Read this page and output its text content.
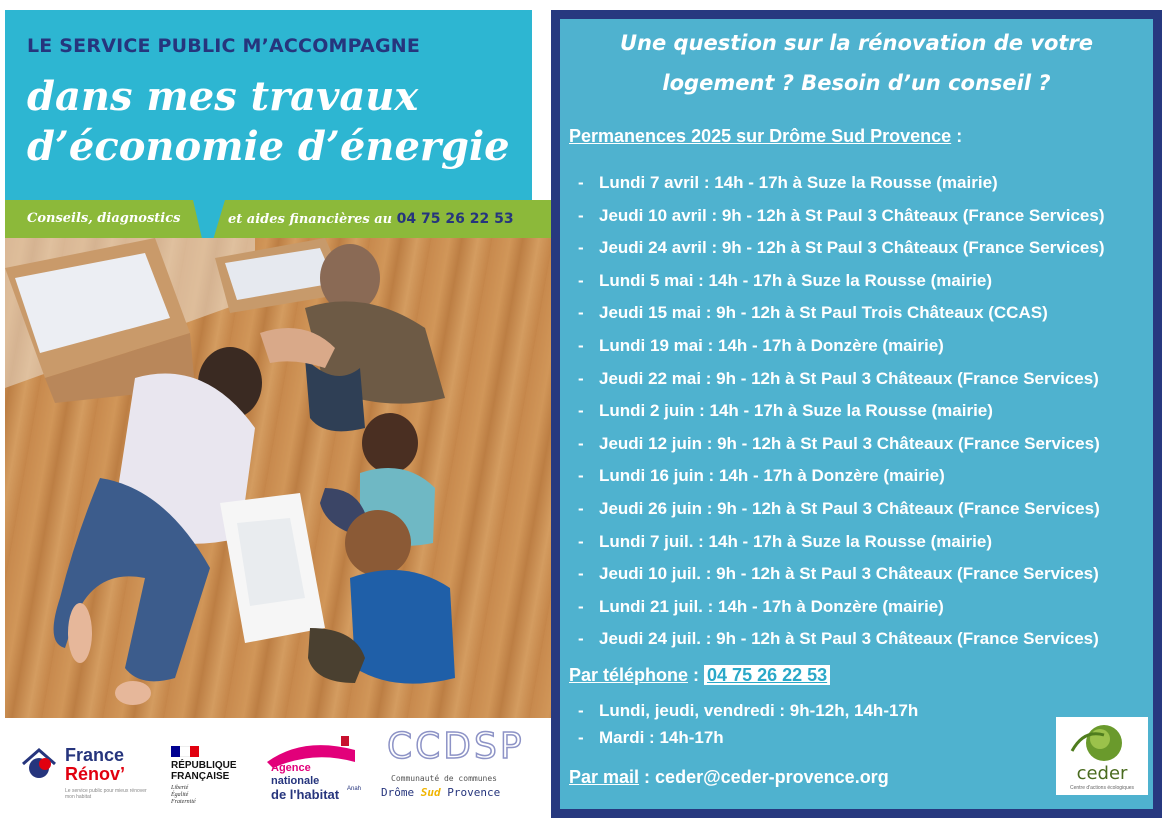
LE SERVICE PUBLIC M’ACCOMPAGNE
dans mes travaux
d’économie d’énergie
Conseils, diagnostics	et aides financières au 04 75 26 22 53
France
Rénov’
Le service public pour mieux rénover mon habitat
RÉPUBLIQUE
FRANÇAISE
Liberté
Égalité
Fraternité
Agence
nationale
de l'habitat Anah
CCDSP
Communauté de communes
Drôme Sud Provence
Une question sur la rénovation de votre
logement ? Besoin d’un conseil ?
Permanences 2025 sur Drôme Sud Provence :
- Lundi 7 avril : 14h - 17h à Suze la Rousse (mairie)
- Jeudi 10 avril : 9h - 12h à St Paul 3 Châteaux (France Services)
- Jeudi 24 avril : 9h - 12h à St Paul 3 Châteaux (France Services)
- Lundi 5 mai : 14h - 17h à Suze la Rousse (mairie)
- Jeudi 15 mai : 9h - 12h à St Paul Trois Châteaux (CCAS)
- Lundi 19 mai : 14h - 17h à Donzère (mairie)
- Jeudi 22 mai : 9h - 12h à St Paul 3 Châteaux (France Services)
- Lundi 2 juin : 14h - 17h à Suze la Rousse (mairie)
- Jeudi 12 juin : 9h - 12h à St Paul 3 Châteaux (France Services)
- Lundi 16 juin : 14h - 17h à Donzère (mairie)
- Jeudi 26 juin : 9h - 12h à St Paul 3 Châteaux (France Services)
- Lundi 7 juil. : 14h - 17h à Suze la Rousse (mairie)
- Jeudi 10 juil. : 9h - 12h à St Paul 3 Châteaux (France Services)
- Lundi 21 juil. : 14h - 17h à Donzère (mairie)
- Jeudi 24 juil. : 9h - 12h à St Paul 3 Châteaux (France Services)
Par téléphone : 04 75 26 22 53
- Lundi, jeudi, vendredi : 9h-12h, 14h-17h
- Mardi : 14h-17h
Par mail : ceder@ceder-provence.org	ceder
Centre d'actions écologiques
